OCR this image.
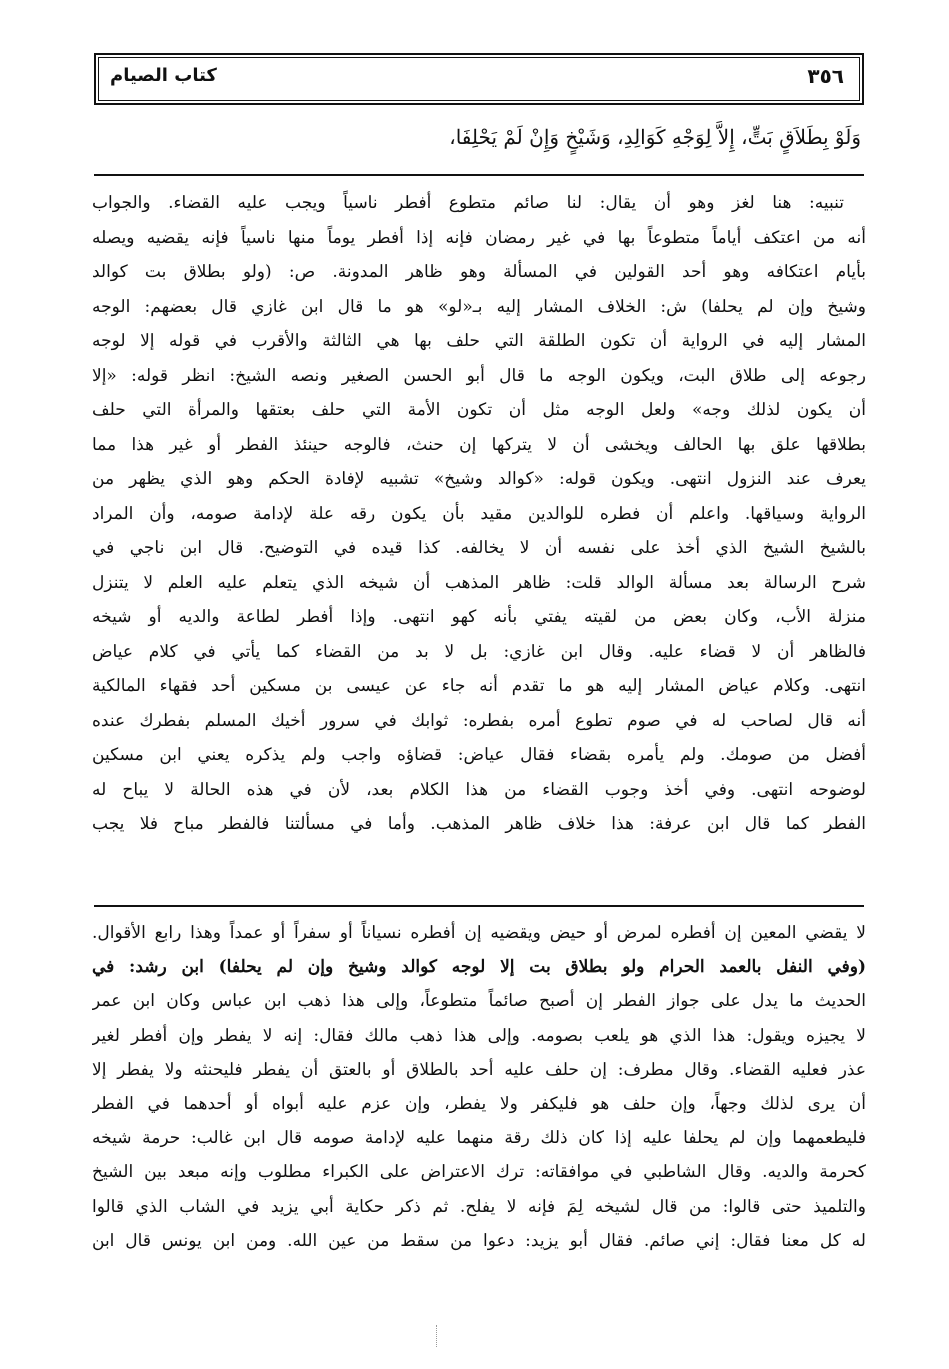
كتاب الصيام	٣٥٦
وَلَوْ بِطَلاَقٍ بَتٍّ، إِلاَّ لِوَجْهِ كَوَالِدِ، وَشَيْخٍ وَإِنْ لَمْ يَحْلِفَا،
تنبيه: هنا لغز وهو أن يقال: لنا صائم متطوع أفطر ناسياً ويجب عليه القضاء. والجواب
أنه من اعتكف أياماً متطوعاً بها في غير رمضان فإنه إذا أفطر يوماً منها ناسياً فإنه يقضيه ويصله
بأيام اعتكافه وهو أحد القولين في المسألة وهو ظاهر المدونة. ص: (ولو بطلاق بت كوالد
وشيخ وإن لم يحلفا) ش: الخلاف المشار إليه بـ«لو» هو ما قال ابن غازي قال بعضهم: الوجه
المشار إليه في الرواية أن تكون الطلقة التي حلف بها هي الثالثة والأقرب في قوله إلا لوجه
رجوعه إلى طلاق البت، ويكون الوجه ما قال أبو الحسن الصغير ونصه الشيخ: انظر قوله: «إلا
أن يكون لذلك وجه» ولعل الوجه مثل أن تكون الأمة التي حلف بعتقها والمرأة التي حلف
بطلاقها علق بها الحالف ويخشى أن لا يتركها إن حنث، فالوجه حينئذ الفطر أو غير هذا مما
يعرف عند النزول انتهى. ويكون قوله: «كوالد وشيخ» تشبيه لإفادة الحكم وهو الذي يظهر من
الرواية وسياقها. واعلم أن فطره للوالدين مقيد بأن يكون رقه علة لإدامة صومه، وأن المراد
بالشيخ الشيخ الذي أخذ على نفسه أن لا يخالفه. كذا قيده في التوضيح. قال ابن ناجي في
شرح الرسالة بعد مسألة الوالد قلت: ظاهر المذهب أن شيخه الذي يتعلم عليه العلم لا يتنزل
منزلة الأب، وكان بعض من لقيته يفتي بأنه كهو انتهى. وإذا أفطر لطاعة والديه أو شيخه
فالظاهر أن لا قضاء عليه. وقال ابن غازي: بل لا بد من القضاء كما يأتي في كلام عياض
انتهى. وكلام عياض المشار إليه هو ما تقدم أنه جاء عن عيسى بن مسكين أحد فقهاء المالكية
أنه قال لصاحب له في صوم تطوع أمره بفطره: ثوابك في سرور أخيك المسلم بفطرك عنده
أفضل من صومك. ولم يأمره بقضاء فقال عياض: قضاؤه واجب ولم يذكره يعني ابن مسكين
لوضوحه انتهى. وفي أخذ وجوب القضاء من هذا الكلام بعد، لأن في هذه الحالة لا يباح له
الفطر كما قال ابن عرفة: هذا خلاف ظاهر المذهب. وأما في مسألتنا فالفطر مباح فلا يجب
لا يقضي المعين إن أفطره لمرض أو حيض ويقضيه إن أفطره نسياناً أو سفراً أو عمداً وهذا رابع الأقوال.
(وفي النفل بالعمد الحرام ولو بطلاق بت إلا لوجه كوالد وشيخ وإن لم يحلفا) ابن رشد: في
الحديث ما يدل على جواز الفطر إن أصبح صائماً متطوعاً، وإلى هذا ذهب ابن عباس وكان ابن عمر
لا يجيزه ويقول: هذا الذي هو يلعب بصومه. وإلى هذا ذهب مالك فقال: إنه لا يفطر وإن أفطر لغير
عذر فعليه القضاء. وقال مطرف: إن حلف عليه أحد بالطلاق أو بالعتق أن يفطر فليحنثه ولا يفطر إلا
أن يرى لذلك وجهاً، وإن حلف هو فليكفر ولا يفطر، وإن عزم عليه أبواه أو أحدهما في الفطر
فليطعمهما وإن لم يحلفا عليه إذا كان ذلك رقة منهما عليه لإدامة صومه قال ابن غالب: حرمة شيخه
كحرمة والديه. وقال الشاطبي في موافقاته: ترك الاعتراض على الكبراء مطلوب وإنه مبعد بين الشيخ
والتلميذ حتى قالوا: من قال لشيخه لِمَ فإنه لا يفلح. ثم ذكر حكاية أبي يزيد في الشاب الذي قالوا
له كل معنا فقال: إني صائم. فقال أبو يزيد: دعوا من سقط من عين الله. ومن ابن يونس قال ابن
